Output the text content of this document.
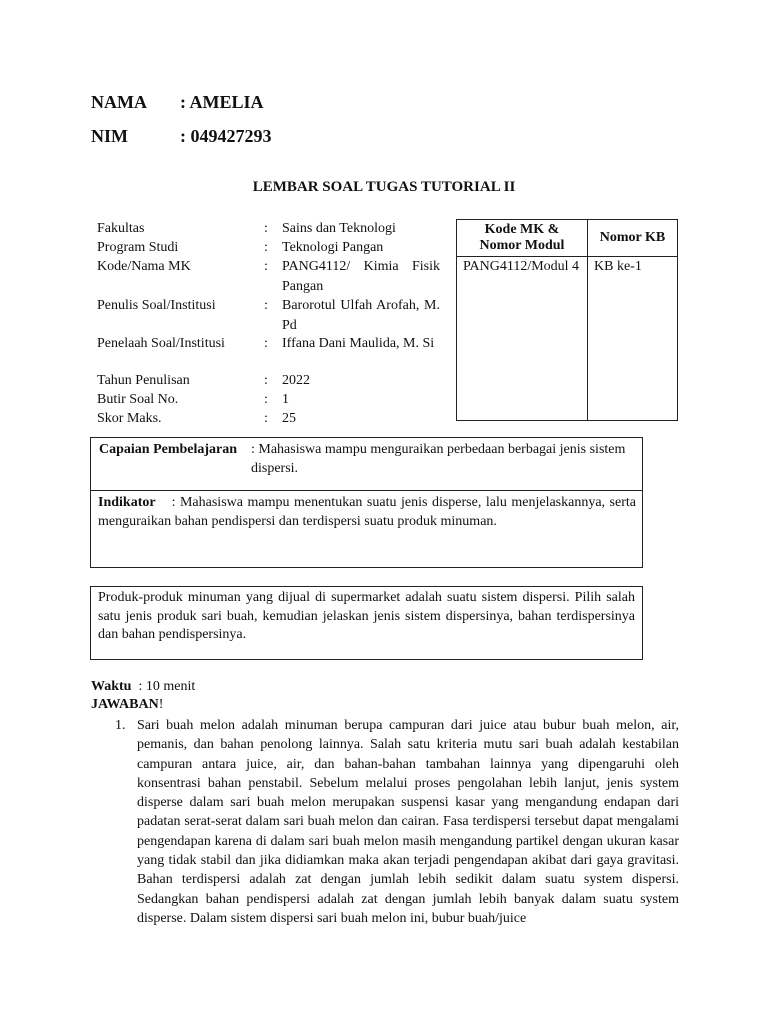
NAMA : AMELIA
NIM	: 049427293
LEMBAR SOAL TUGAS TUTORIAL II
Fakultas	: Sains dan Teknologi
Program Studi	: Teknologi Pangan
Kode/Nama MK	: PANG4112/ Kimia Fisik Pangan
Penulis Soal/Institusi	: Barorotul Ulfah Arofah, M. Pd
Penelaah Soal/Institusi	: Iffana Dani Maulida, M. Si
Tahun Penulisan	: 2022
Butir Soal No.	: 1
Skor Maks.	: 25
Kode MK & Nomor Modul	Nomor KB
PANG4112/Modul 4	KB ke-1
Capaian Pembelajaran : Mahasiswa mampu menguraikan perbedaan berbagai jenis sistem dispersi.
Indikator : Mahasiswa mampu menentukan suatu jenis disperse, lalu menjelaskannya, serta menguraikan bahan pendispersi dan terdispersi suatu produk minuman.
Produk-produk minuman yang dijual di supermarket adalah suatu sistem dispersi. Pilih salah satu jenis produk sari buah, kemudian jelaskan jenis sistem dispersinya, bahan terdispersinya dan bahan pendispersinya.
Waktu : 10 menit
JAWABAN!
1. Sari buah melon adalah minuman berupa campuran dari juice atau bubur buah melon, air, pemanis, dan bahan penolong lainnya. Salah satu kriteria mutu sari buah adalah kestabilan campuran antara juice, air, dan bahan-bahan tambahan lainnya yang dipengaruhi oleh konsentrasi bahan penstabil. Sebelum melalui proses pengolahan lebih lanjut, jenis system disperse dalam sari buah melon merupakan suspensi kasar yang mengandung endapan dari padatan serat-serat dalam sari buah melon dan cairan. Fasa terdispersi tersebut dapat mengalami pengendapan karena di dalam sari buah melon masih mengandung partikel dengan ukuran kasar yang tidak stabil dan jika didiamkan maka akan terjadi pengendapan akibat dari gaya gravitasi. Bahan terdispersi adalah zat dengan jumlah lebih sedikit dalam suatu system dispersi. Sedangkan bahan pendispersi adalah zat dengan jumlah lebih banyak dalam suatu system disperse. Dalam sistem dispersi sari buah melon ini, bubur buah/juice
